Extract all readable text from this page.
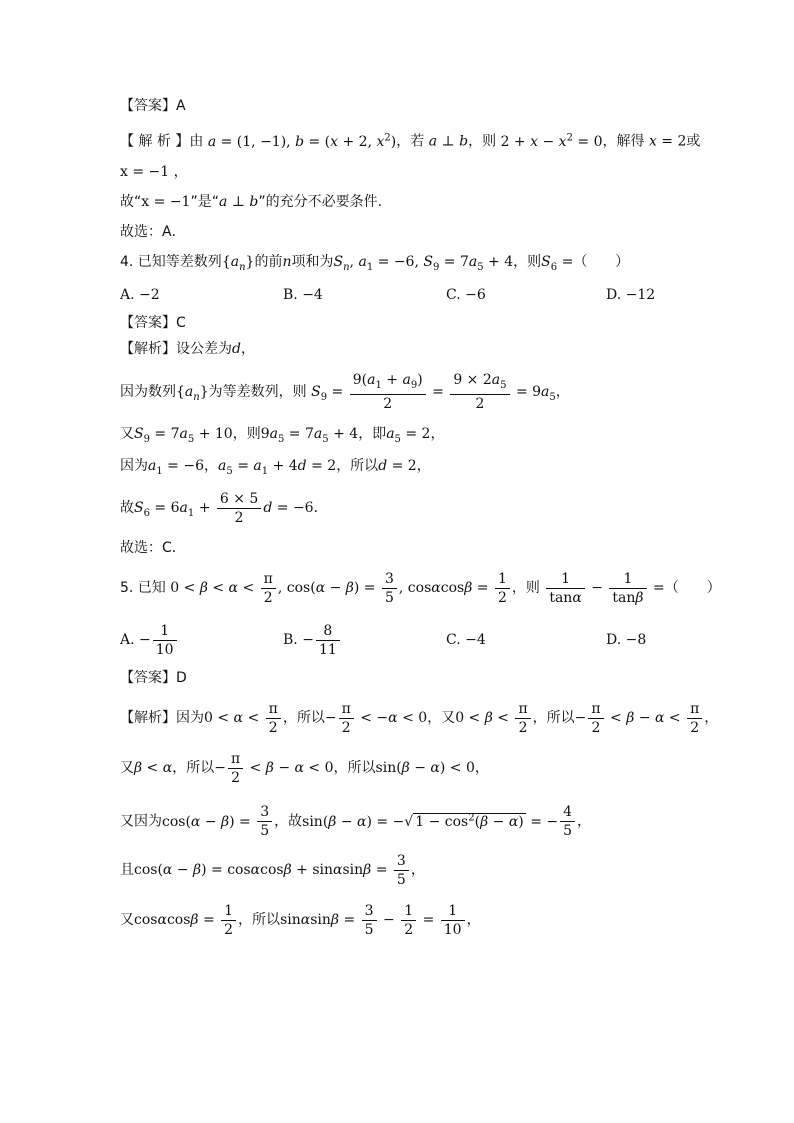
【答案】A
【 解 析 】由 a = (1, −1), b = (x + 2, $x^2$)，若 a ⊥ b，则 $2 + x - x^2 = 0$，解得 x = 2或
x = −1 ，
故“x = −1”是“a ⊥ b”的充分不必要条件.
故选：A．
4. 已知等差数列$\{a_n\}$的前n项和为$S_n$, $a_1 = -6$, $S_9 = 7a_5 + 4$，则$S_6$ =（　　）
A. −2	B. −4	C. −6	D. −12
【答案】C
【解析】设公差为d，
因为数列$\{a_n\}$为等差数列，则 $S_9 = \frac{9(a_1 + a_9)}{2} = \frac{9 \times 2a_5}{2} = 9a_5$，
又$S_9 = 7a_5 + 10$，则$9a_5 = 7a_5 + 4$，即$a_5 = 2$，
因为$a_1 = -6$，$a_5 = a_1 + 4d = 2$，所以d = 2，
故$S_6 = 6a_1 + \frac{6 \times 5}{2}$ d = −6．
故选：C．
5. 已知 $0 < \beta < \alpha < \frac{\pi}{2}$ , $\cos(\alpha - \beta) = \frac{3}{5}$ , $\cos\alpha\cos\beta = \frac{1}{2}$ ，则 $\frac{1}{\tan\alpha} - \frac{1}{\tan\beta}$ =（　　）
A. − $\frac{1}{10}$	B. − $\frac{8}{11}$	C. −4	D. −8
【答案】D
【解析】因为$0 < \alpha < \frac{\pi}{2}$ ，所以− $\frac{\pi}{2} < -\alpha < 0$，又$0 < \beta < \frac{\pi}{2}$ ，所以− $\frac{\pi}{2} < \beta - \alpha < \frac{\pi}{2}$ ，
又β < α，所以− $\frac{\pi}{2} < \beta - \alpha < 0$，所以sin(β − α) < 0，
又因为$\cos(\alpha - \beta) = \frac{3}{5}$ ，故sin(β − α) = −√ $1 - \cos^2(\beta - \alpha)$ = − $\frac{4}{5}$ ，
且$\cos(\alpha - \beta) = \cos\alpha\cos\beta + \sin\alpha\sin\beta = \frac{3}{5}$ ，
又$\cos\alpha\cos\beta = \frac{1}{2}$ ，所以$\sin\alpha\sin\beta = \frac{3}{5} - \frac{1}{2} = \frac{1}{10}$ ，
